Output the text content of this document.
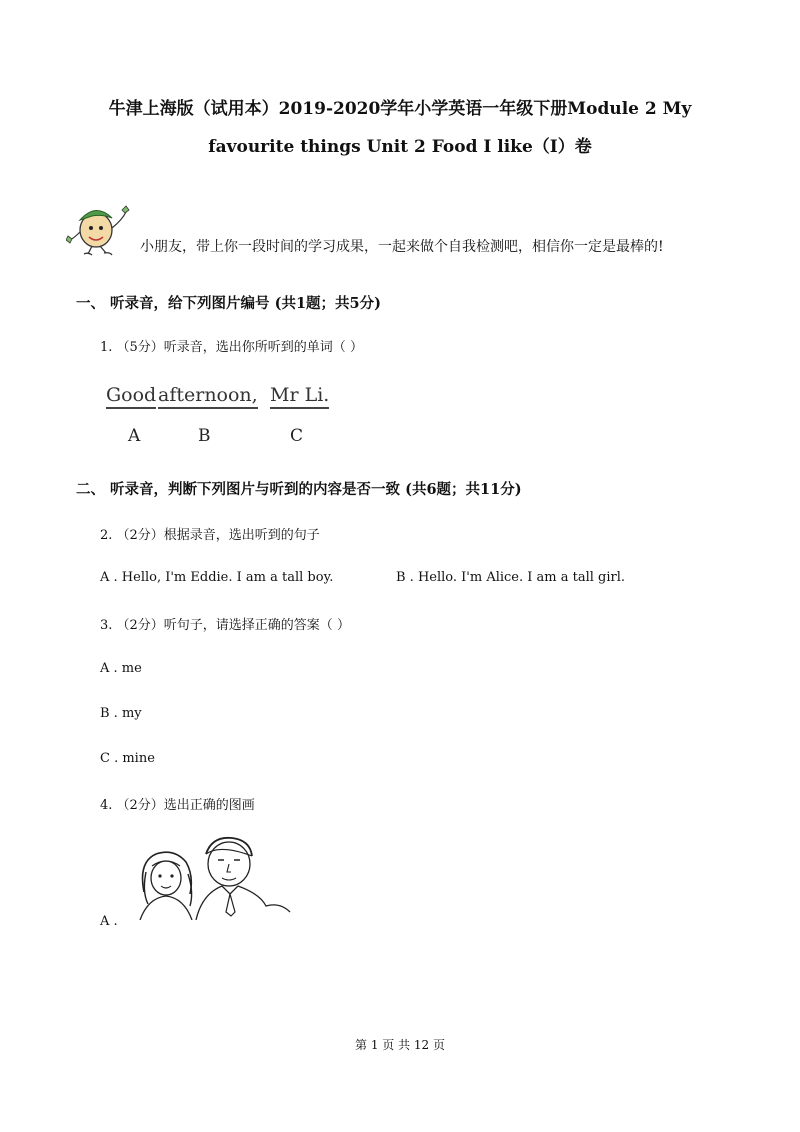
牛津上海版（试用本）2019-2020学年小学英语一年级下册Module 2 My
favourite things Unit 2 Food I like（I）卷
小朋友，带上你一段时间的学习成果，一起来做个自我检测吧，相信你一定是最棒的!
一、 听录音，给下列图片编号 (共1题；共5分)
1. （5分）听录音，选出你所听到的单词（ ）
Good afternoon, Mr Li.
A	B	C
二、 听录音，判断下列图片与听到的内容是否一致 (共6题；共11分)
2. （2分）根据录音，选出听到的句子
A . Hello, I'm Eddie. I am a tall boy.	B . Hello. I'm Alice. I am a tall girl.
3. （2分）听句子，请选择正确的答案（ ）
A . me
B . my
C . mine
4. （2分）选出正确的图画
A .
第 1 页 共 12 页
